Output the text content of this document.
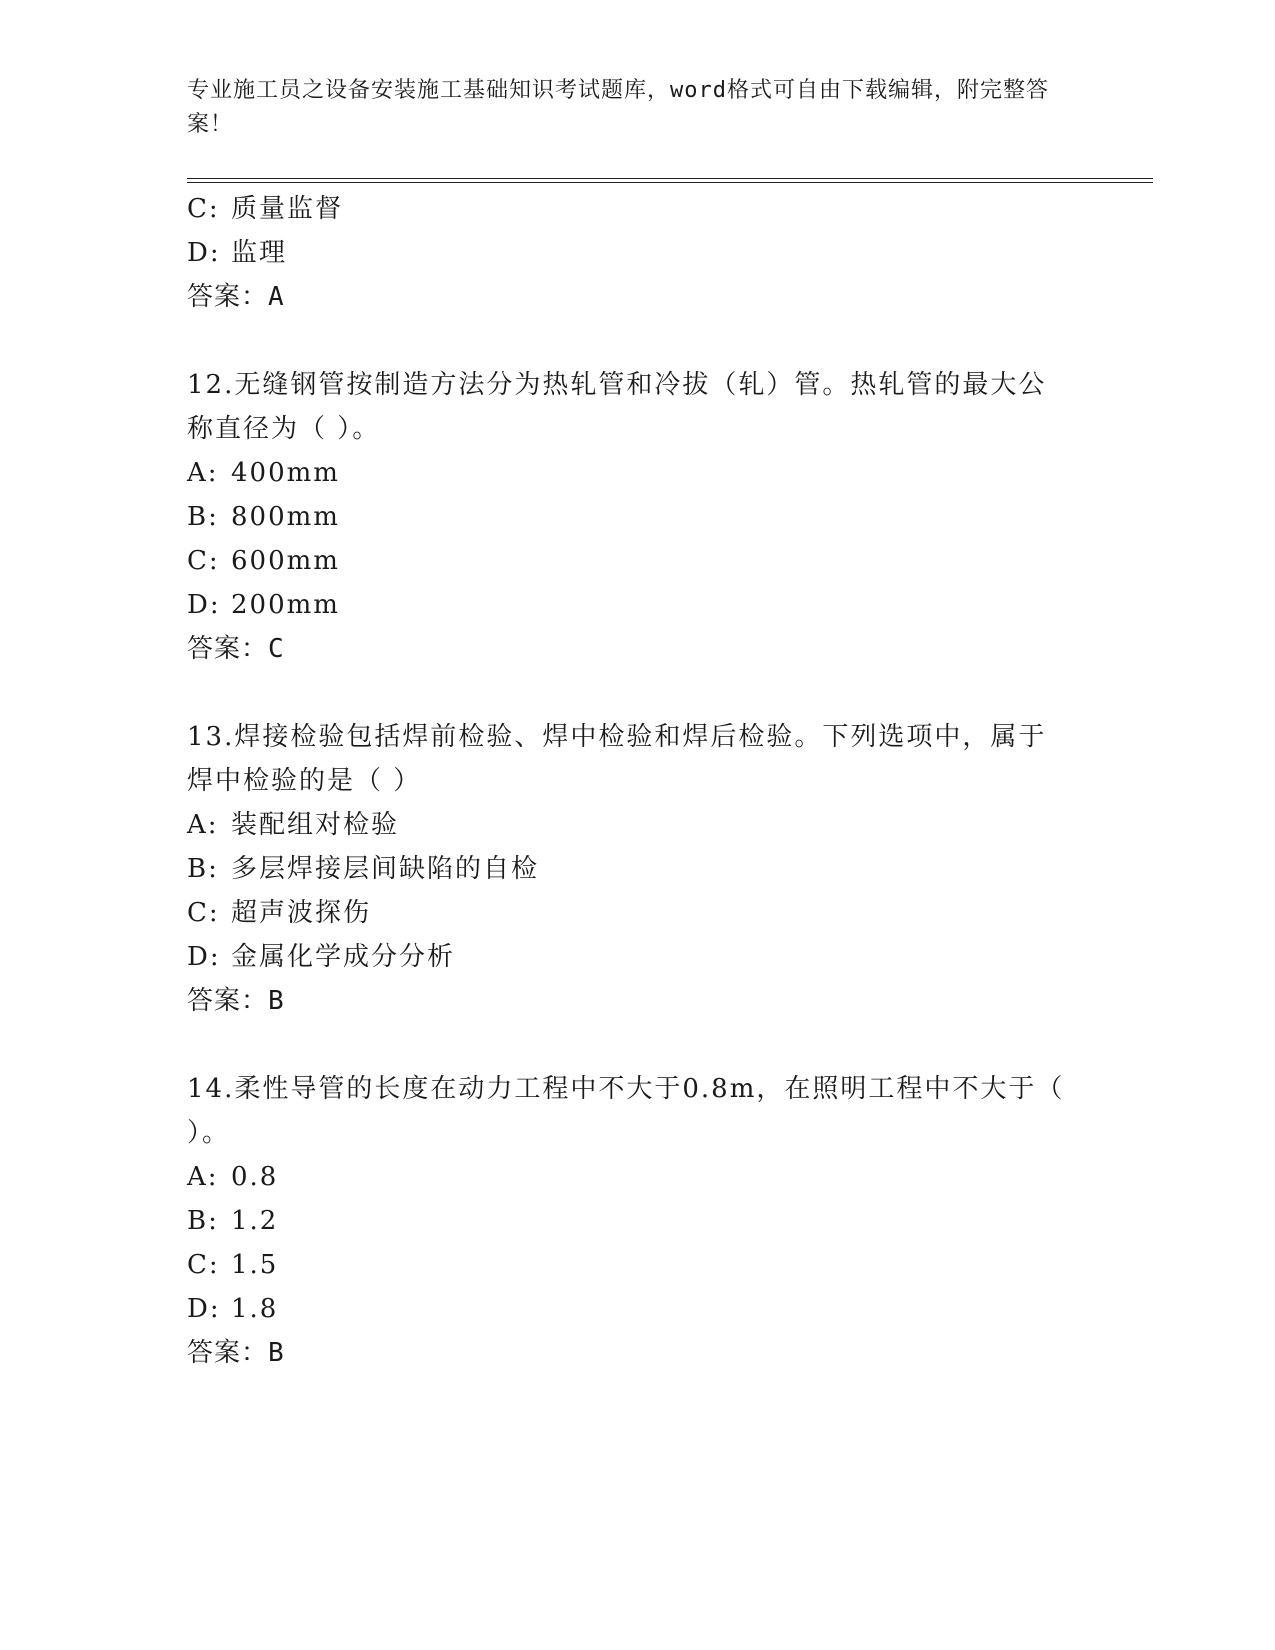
专业施工员之设备安装施工基础知识考试题库，word格式可自由下载编辑，附完整答案！
C: 质量监督
D: 监理
答案：A
12.无缝钢管按制造方法分为热轧管和冷拔（轧）管。热轧管的最大公
称直径为（ ）。
A: 400mm
B: 800mm
C: 600mm
D: 200mm
答案：C
13.焊接检验包括焊前检验、焊中检验和焊后检验。下列选项中，属于
焊中检验的是（ ）
A: 装配组对检验
B: 多层焊接层间缺陷的自检
C: 超声波探伤
D: 金属化学成分分析
答案：B
14.柔性导管的长度在动力工程中不大于0.8m，在照明工程中不大于（
）。
A: 0.8
B: 1.2
C: 1.5
D: 1.8
答案：B
